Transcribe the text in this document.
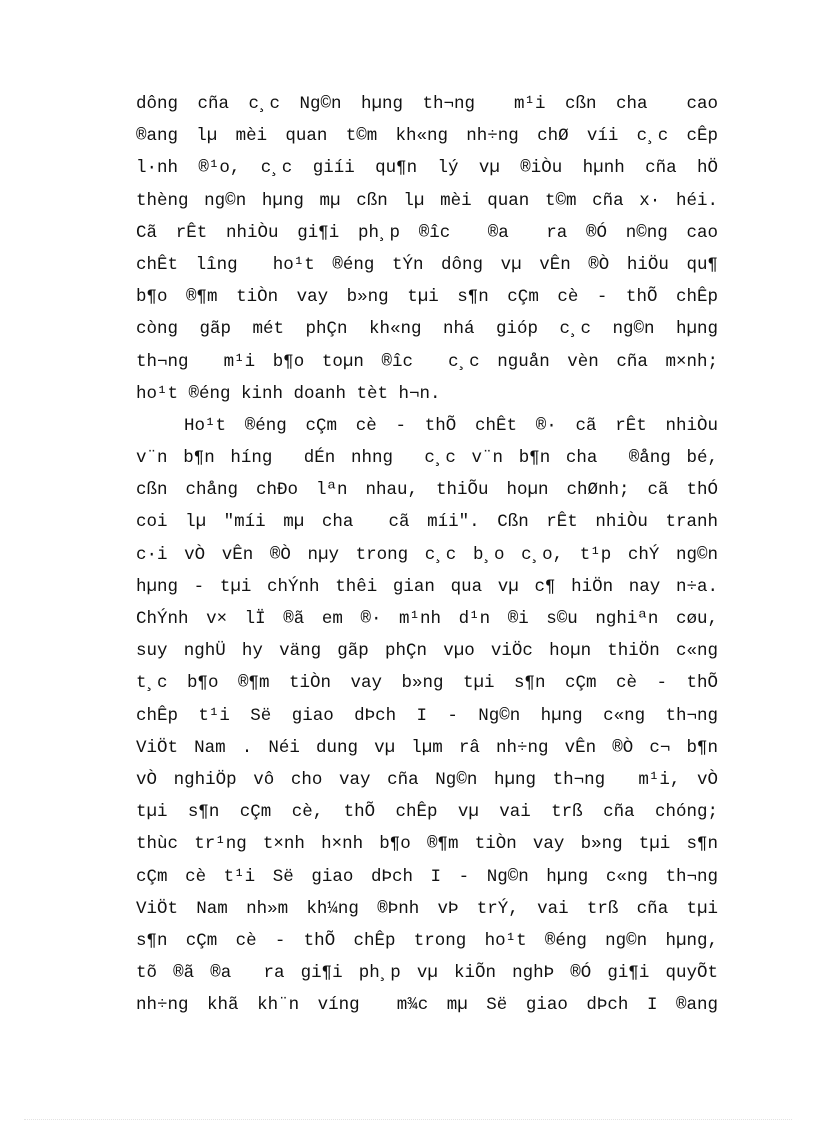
dông cña c¸c Ng©n hµng th¬ng  m¹i cßn cha  cao
®ang lµ mèi quan t©m kh«ng nh÷ng chØ víi c¸c cÊp
l·nh ®¹o, c¸c giíi qu¶n lý vµ ®iÒu hµnh cña hÖ
thèng ng©n hµng mµ cßn lµ mèi quan t©m cña x· héi.
Cã rÊt nhiÒu gi¶i ph¸p ®îc  ®a  ra ®Ó n©ng cao
chÊt lîng  ho¹t ®éng tÝn dông vµ vÊn ®Ò hiÖu qu¶
b¶o ®¶m tiÒn vay b»ng tµi s¶n cÇm cè - thÕ chÊp
còng gãp mét phÇn kh«ng nhá gióp c¸c ng©n hµng
th¬ng  m¹i b¶o toµn ®îc  c¸c nguån vèn cña m×nh;
ho¹t ®éng kinh doanh tèt h¬n.
Ho¹t ®éng cÇm cè - thÕ chÊt ®· cã rÊt nhiÒu
v¨n b¶n híng  dÉn nhng  c¸c v¨n b¶n cha  ®ång bé,
cßn chång chÐo lªn nhau, thiÕu hoµn chØnh; cã thÓ
coi lµ "míi mµ cha  cã míi". Cßn rÊt nhiÒu tranh
c·i vÒ vÊn ®Ò nµy trong c¸c b¸o c¸o, t¹p chÝ ng©n
hµng - tµi chÝnh thêi gian qua vµ c¶ hiÖn nay n÷a.
ChÝnh v× lÏ ®ã em ®· m¹nh d¹n ®i s©u nghiªn cøu,
suy nghÜ hy väng gãp phÇn vµo viÖc hoµn thiÖn c«ng
t¸c b¶o ®¶m tiÒn vay b»ng tµi s¶n cÇm cè - thÕ
chÊp t¹i Së giao dÞch I - Ng©n hµng c«ng th¬ng
ViÖt Nam . Néi dung vµ lµm râ nh÷ng vÊn ®Ò c¬ b¶n
vÒ nghiÖp vô cho vay cña Ng©n hµng th¬ng  m¹i, vÒ
tµi s¶n cÇm cè, thÕ chÊp vµ vai trß cña chóng;
thùc tr¹ng t×nh h×nh b¶o ®¶m tiÒn vay b»ng tµi s¶n
cÇm cè t¹i Së giao dÞch I - Ng©n hµng c«ng th¬ng
ViÖt Nam nh»m kh¼ng ®Þnh vÞ trÝ, vai trß cña tµi
s¶n cÇm cè - thÕ chÊp trong ho¹t ®éng ng©n hµng,
tõ ®ã ®a  ra gi¶i ph¸p vµ kiÕn nghÞ ®Ó gi¶i quyÕt
nh÷ng khã kh¨n víng  m¾c mµ Së giao dÞch I ®ang
